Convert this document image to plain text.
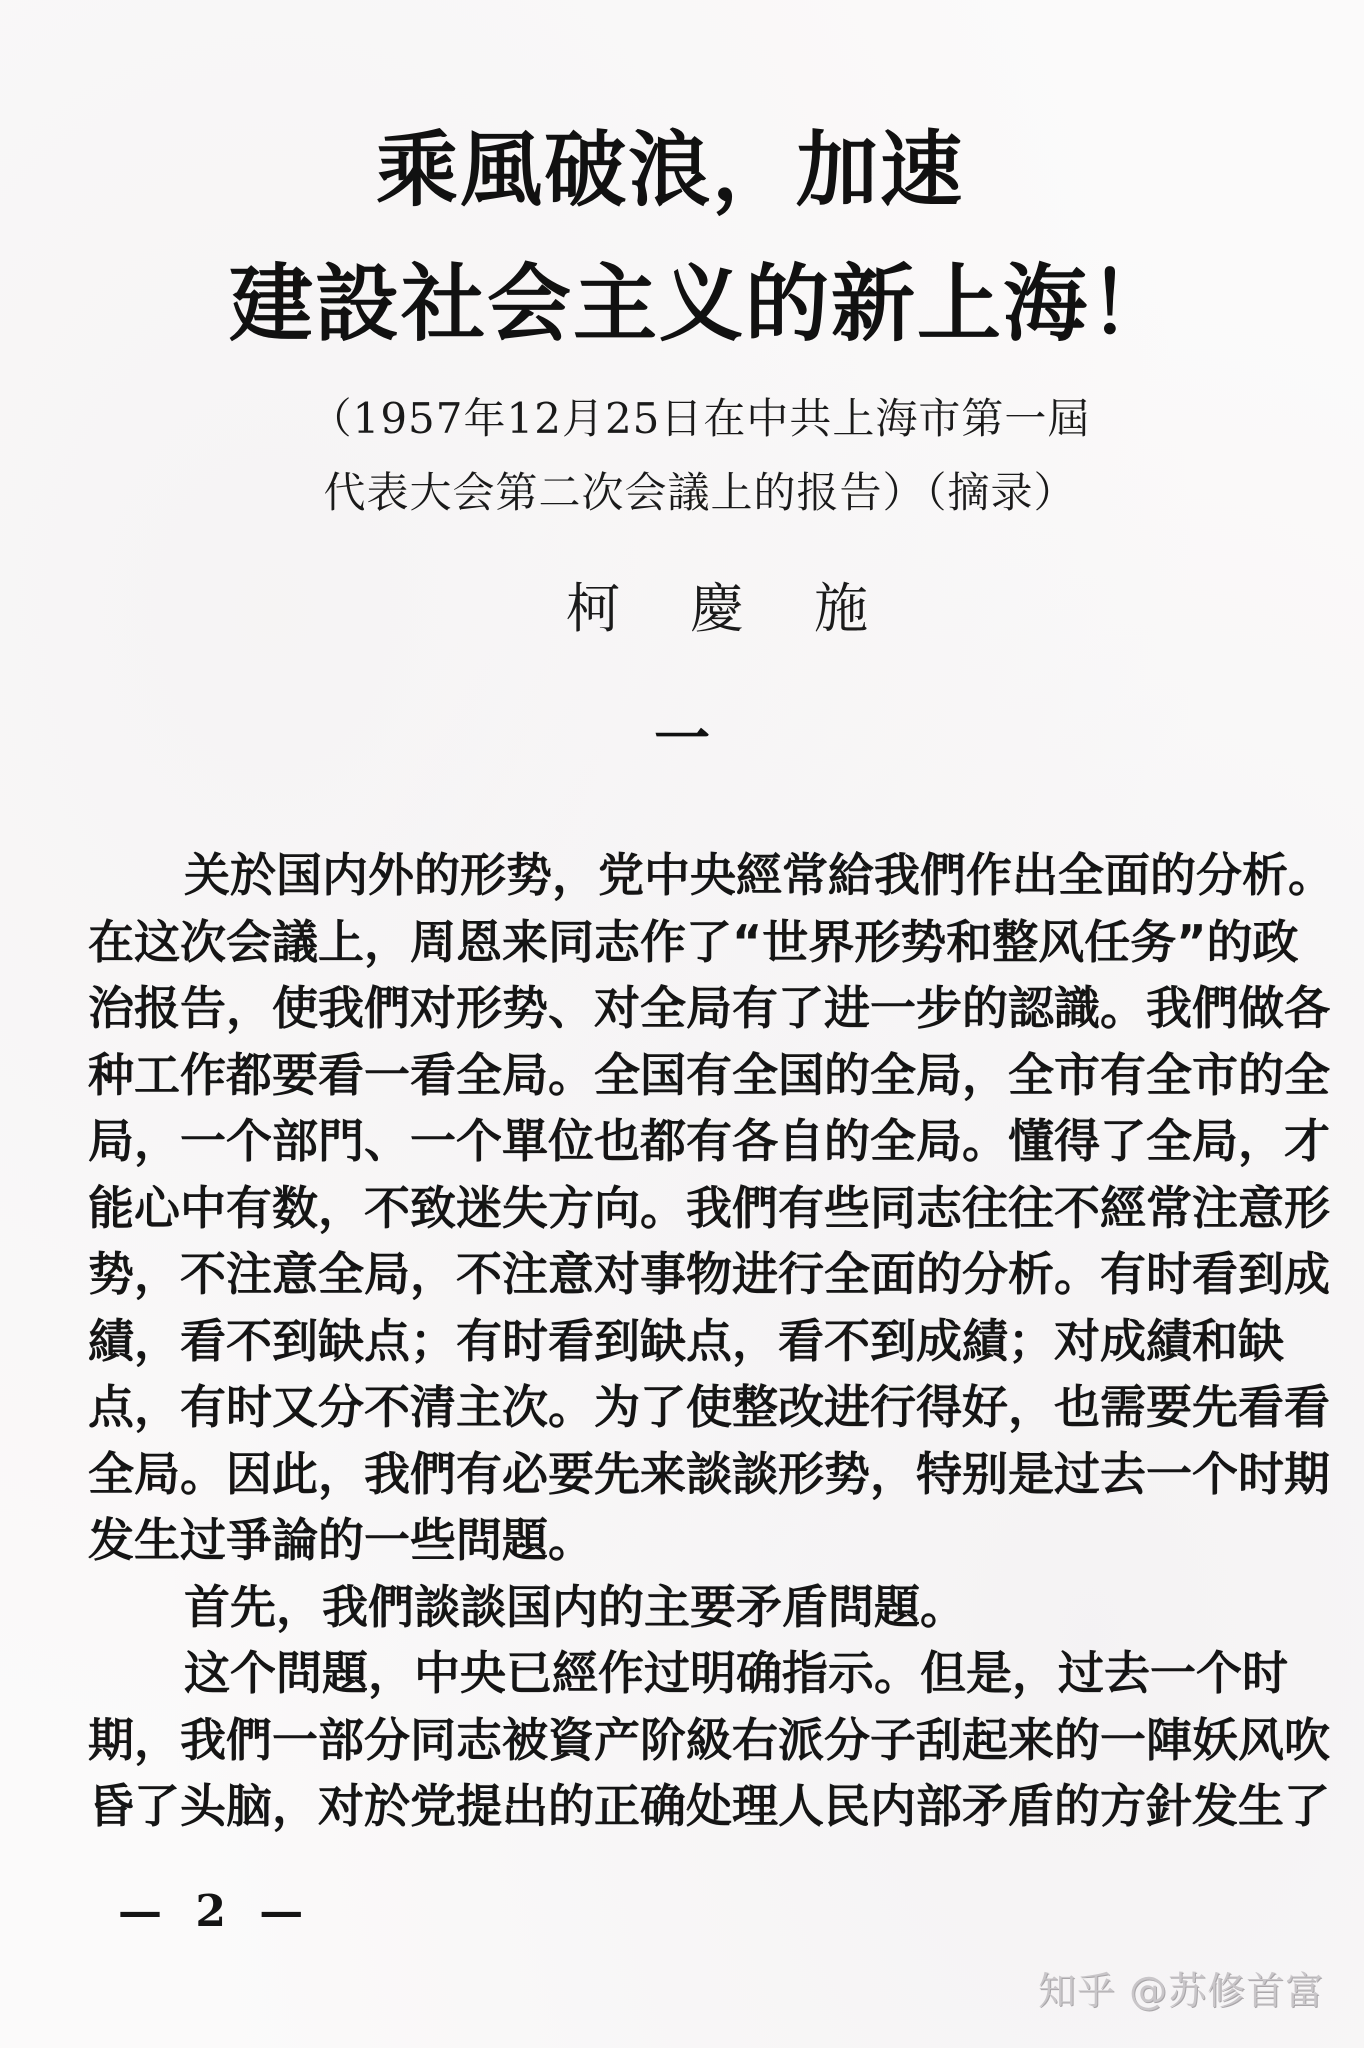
乘風破浪，加速
建設社会主义的新上海！
（1957年12月25日在中共上海市第一屆
代表大会第二次会議上的报告）（摘录）
柯慶施
一
关於国内外的形势，党中央經常給我們作出全面的分析。
在这次会議上，周恩来同志作了“世界形势和整风任务”的政
治报告，使我們对形势、对全局有了进一步的認識。我們做各
种工作都要看一看全局。全国有全国的全局，全市有全市的全
局，一个部門、一个單位也都有各自的全局。懂得了全局，才
能心中有数，不致迷失方向。我們有些同志往往不經常注意形
势，不注意全局，不注意对事物进行全面的分析。有时看到成
績，看不到缺点；有时看到缺点，看不到成績；对成績和缺
点，有时又分不清主次。为了使整改进行得好，也需要先看看
全局。因此，我們有必要先来談談形势，特别是过去一个时期
发生过爭論的一些問題。
首先，我們談談国内的主要矛盾問題。
这个問題，中央已經作过明确指示。但是，过去一个时
期，我們一部分同志被資产阶級右派分子刮起来的一陣妖风吹
昏了头脑，对於党提出的正确处理人民内部矛盾的方針发生了
— 2 —
知乎 @苏修首富
